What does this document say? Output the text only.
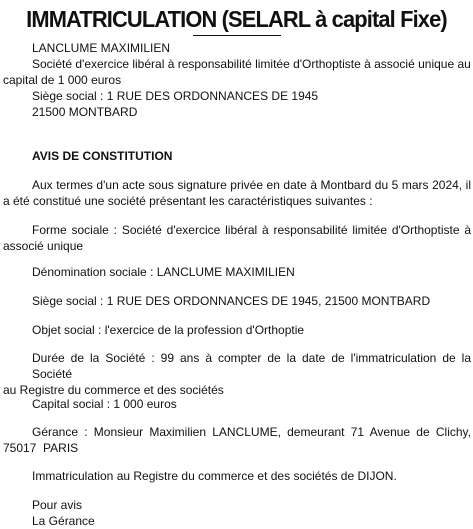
IMMATRICULATION (SELARL à capital Fixe)
LANCLUME MAXIMILIEN
Société d'exercice libéral à responsabilité limitée d'Orthoptiste à associé unique au
capital de 1 000 euros
Siège social : 1 RUE DES ORDONNANCES DE 1945
21500 MONTBARD
AVIS DE CONSTITUTION
Aux termes d'un acte sous signature privée en date à Montbard du 5 mars 2024, il
a été constitué une société présentant les caractéristiques suivantes :
Forme sociale : Société d'exercice libéral à responsabilité limitée d'Orthoptiste à
associé unique
Dénomination sociale : LANCLUME MAXIMILIEN
Siège social : 1 RUE DES ORDONNANCES DE 1945, 21500 MONTBARD
Objet social : l'exercice de la profession d'Orthoptie
Durée de la Société : 99 ans à compter de la date de l'immatriculation de la Société
au Registre du commerce et des sociétés
Capital social : 1 000 euros
Gérance : Monsieur Maximilien LANCLUME, demeurant 71 Avenue de Clichy,
75017  PARIS
Immatriculation au Registre du commerce et des sociétés de DIJON.
Pour avis
La Gérance
